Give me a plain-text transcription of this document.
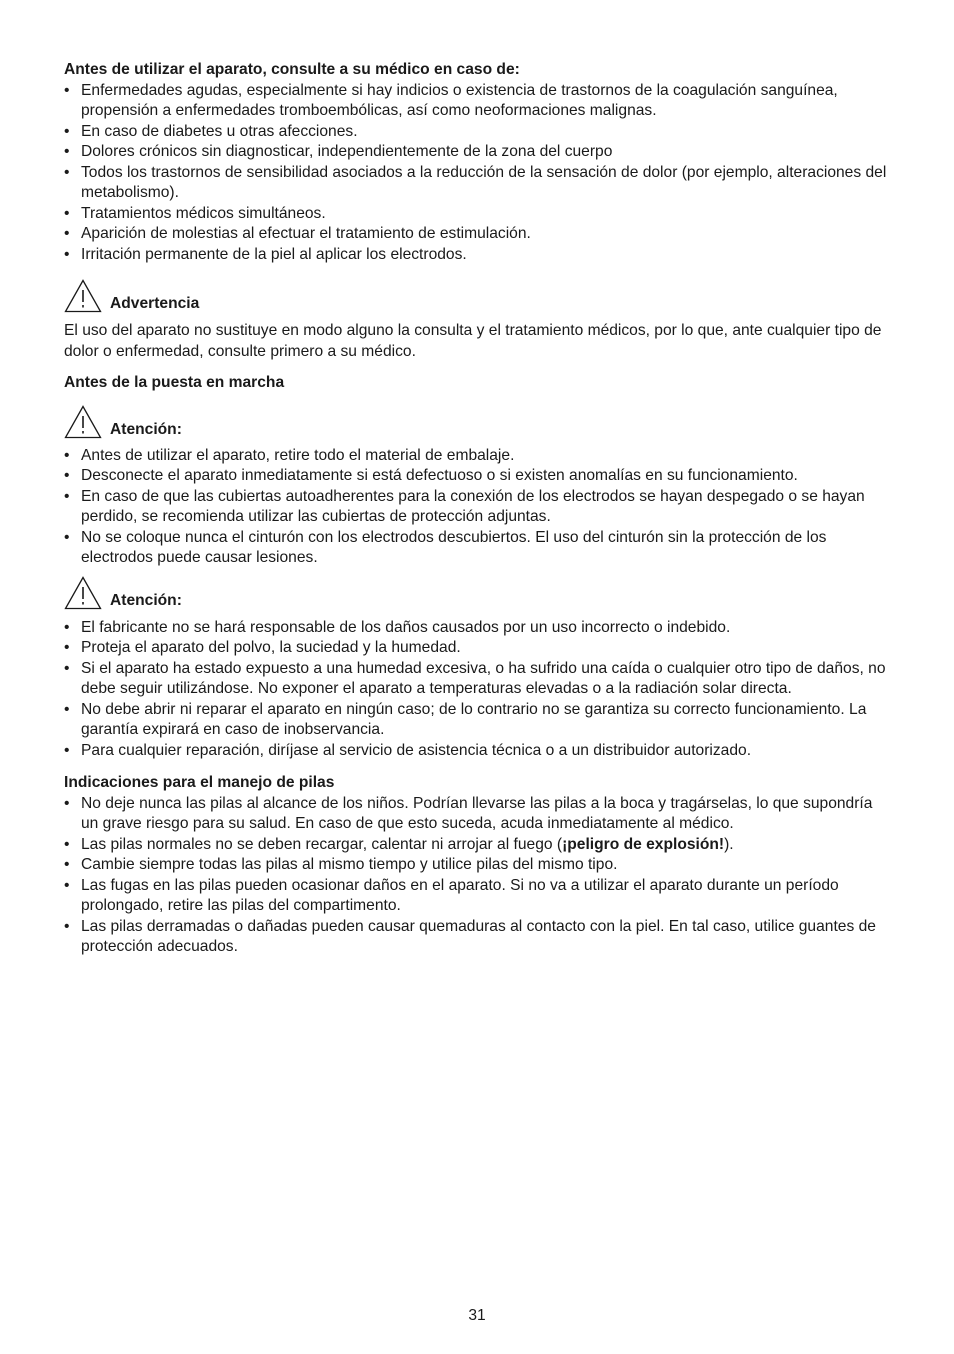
Antes de utilizar el aparato, consulte a su médico en caso de:

• Enfermedades agudas, especialmente si hay indicios o existencia de trastornos de la coagulación sanguínea, propensión a enfermedades tromboembólicas, así como neoformaciones malignas.
• En caso de diabetes u otras afecciones.
• Dolores crónicos sin diagnosticar, independientemente de la zona del cuerpo
• Todos los trastornos de sensibilidad asociados a la reducción de la sensación de dolor (por ejemplo, alteraciones del metabolismo).
• Tratamientos médicos simultáneos.
• Aparición de molestias al efectuar el tratamiento de estimulación.
• Irritación permanente de la piel al aplicar los electrodos.
Advertencia

El uso del aparato no sustituye en modo alguno la consulta y el tratamiento médicos, por lo que, ante cualquier tipo de dolor o enfermedad, consulte primero a su médico.

Antes de la puesta en marcha

Atención:
• Antes de utilizar el aparato, retire todo el material de embalaje.
• Desconecte el aparato inmediatamente si está defectuoso o si existen anomalías en su funcionamiento.
• En caso de que las cubiertas autoadherentes para la conexión de los electrodos se hayan despegado o se hayan perdido, se recomienda utilizar las cubiertas de protección adjuntas.
• No se coloque nunca el cinturón con los electrodos descubiertos. El uso del cinturón sin la protección de los electrodos puede causar lesiones.
Atención:
• El fabricante no se hará responsable de los daños causados por un uso incorrecto o indebido.
• Proteja el aparato del polvo, la suciedad y la humedad.
• Si el aparato ha estado expuesto a una humedad excesiva, o ha sufrido una caída o cualquier otro tipo de daños, no debe seguir utilizándose. No exponer el aparato a temperaturas elevadas o a la radiación solar directa.
• No debe abrir ni reparar el aparato en ningún caso; de lo contrario no se garantiza su correcto funcionamiento. La garantía expirará en caso de inobservancia.
• Para cualquier reparación, diríjase al servicio de asistencia técnica o a un distribuidor autorizado.

Indicaciones para el manejo de pilas

• No deje nunca las pilas al alcance de los niños. Podrían llevarse las pilas a la boca y tragárselas, lo que supondría un grave riesgo para su salud. En caso de que esto suceda, acuda inmediatamente al médico.
• Las pilas normales no se deben recargar, calentar ni arrojar al fuego (¡peligro de explosión!).
• Cambie siempre todas las pilas al mismo tiempo y utilice pilas del mismo tipo.
• Las fugas en las pilas pueden ocasionar daños en el aparato. Si no va a utilizar el aparato durante un período prolongado, retire las pilas del compartimento.
• Las pilas derramadas o dañadas pueden causar quemaduras al contacto con la piel. En tal caso, utilice guantes de protección adecuados.
31
